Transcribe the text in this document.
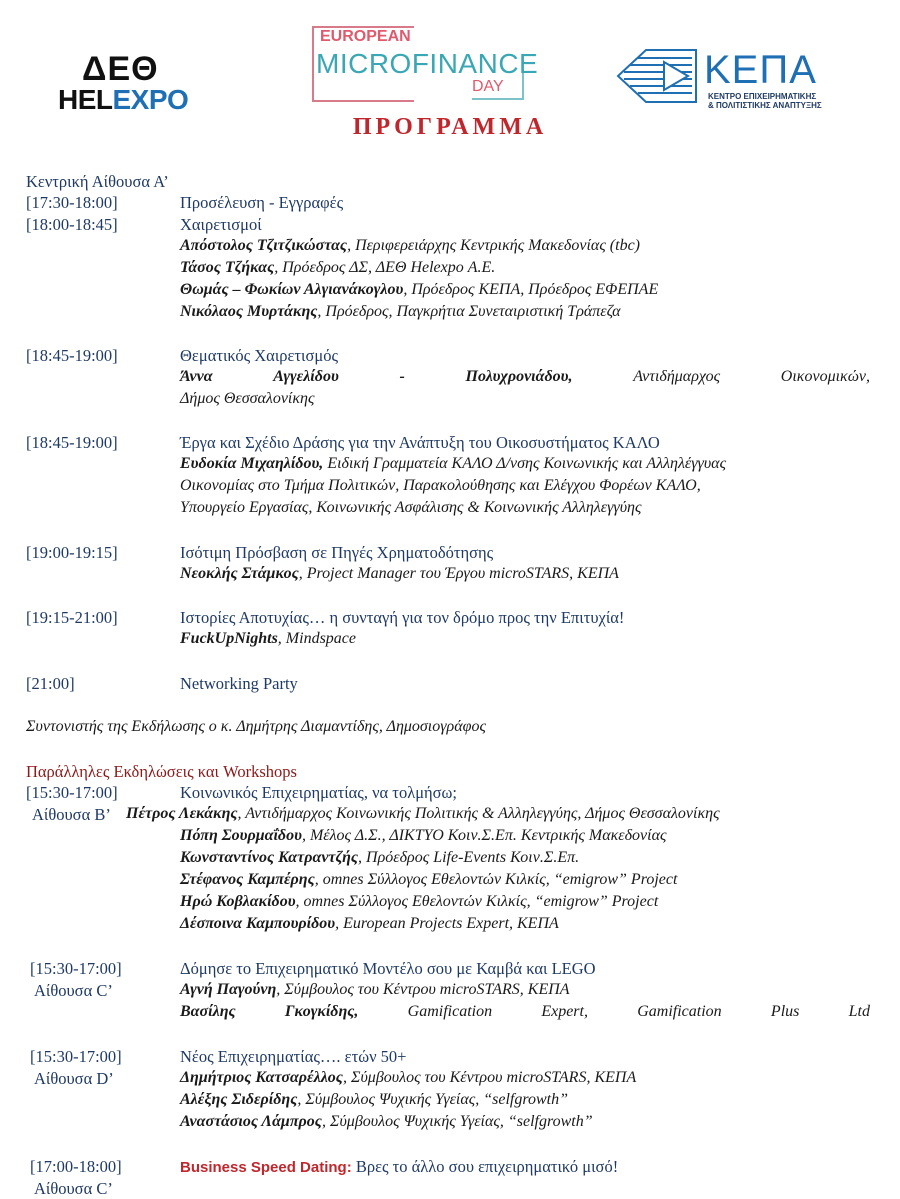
ΔΕΘ
HELEXPO
EUROPEAN
MICROFINANCE
DAY	ΚΕΠΑ
ΚΕΝΤΡΟ ΕΠΙΧΕΙΡΗΜΑΤΙΚΗΣ
& ΠΟΛΙΤΙΣΤΙΚΗΣ ΑΝΑΠΤΥΞΗΣ
ΠΡΟΓΡΑΜΜΑ
Κεντρική Αίθουσα Α’
[17:30-18:00]	Προσέλευση - Εγγραφές
[18:00-18:45]	Χαιρετισμοί
Απόστολος Τζιτζικώστας, Περιφερειάρχης Κεντρικής Μακεδονίας (tbc)
Τάσος Τζήκας, Πρόεδρος ΔΣ, ΔΕΘ Helexpo Α.Ε.
Θωμάς – Φωκίων Αλγιανάκογλου, Πρόεδρος ΚΕΠΑ, Πρόεδρος ΕΦΕΠΑΕ
Νικόλαος Μυρτάκης, Πρόεδρος, Παγκρήτια Συνεταιριστική Τράπεζα
[18:45-19:00]	Θεματικός Χαιρετισμός
Άννα	Αγγελίδου	-	Πολυχρονιάδου,	Αντιδήμαρχος	Οικονομικών,
Δήμος Θεσσαλονίκης
[18:45-19:00]	Έργα και Σχέδιο Δράσης για την Ανάπτυξη του Οικοσυστήματος ΚΑΛΟ
Ευδοκία Μιχαηλίδου, Ειδική Γραμματεία ΚΑΛΟ Δ/νσης Κοινωνικής και Αλληλέγγυας
Οικονομίας στο Τμήμα Πολιτικών, Παρακολούθησης και Ελέγχου Φορέων ΚΑΛΟ,
Υπουργείο Εργασίας, Κοινωνικής Ασφάλισης & Κοινωνικής Αλληλεγγύης
[19:00-19:15]	Ισότιμη Πρόσβαση σε Πηγές Χρηματοδότησης
Νεοκλής Στάμκος, Project Manager του Έργου microSTARS, ΚΕΠΑ
[19:15-21:00]	Ιστορίες Αποτυχίας… η συνταγή για τον δρόμο προς την Επιτυχία!
FuckUpNights, Mindspace
[21:00]	Networking Party
Συντονιστής της Εκδήλωσης ο κ. Δημήτρης Διαμαντίδης, Δημοσιογράφος
Παράλληλες Εκδηλώσεις και Workshops
[15:30-17:00]	Κοινωνικός Επιχειρηματίας, να τολμήσω;
Αίθουσα Β’ Πέτρος Λεκάκης, Αντιδήμαρχος Κοινωνικής Πολιτικής & Αλληλεγγύης, Δήμος Θεσσαλονίκης
Πόπη Σουρμαΐδου, Μέλος Δ.Σ., ΔΙΚΤΥΟ Κοιν.Σ.Επ. Κεντρικής Μακεδονίας
Κωνσταντίνος Κατραντζής, Πρόεδρος Life-Events Κοιν.Σ.Επ.
Στέφανος Καμπέρης, omnes Σύλλογος Εθελοντών Κιλκίς, “emigrow” Project
Ηρώ Κοβλακίδου, omnes Σύλλογος Εθελοντών Κιλκίς, “emigrow” Project
Δέσποινα Καμπουρίδου, European Projects Expert, ΚΕΠΑ
[15:30-17:00]	Δόμησε το Επιχειρηματικό Μοντέλο σου με Καμβά και LEGO
Αίθουσα C’	Αγνή Παγούνη, Σύμβουλος του Κέντρου microSTARS, ΚΕΠΑ
Βασίλης	Γκογκίδης,	Gamification	Expert,	Gamification	Plus	Ltd
[15:30-17:00]	Νέος Επιχειρηματίας…. ετών 50+
Αίθουσα D’	Δημήτριος Κατσαρέλλος, Σύμβουλος του Κέντρου microSTARS, ΚΕΠΑ
Αλέξης Σιδερίδης, Σύμβουλος Ψυχικής Υγείας, “selfgrowth”
Αναστάσιος Λάμπρος, Σύμβουλος Ψυχικής Υγείας, “selfgrowth”
[17:00-18:00]	Business Speed Dating: Βρες το άλλο σου επιχειρηματικό μισό!
Αίθουσα C’
